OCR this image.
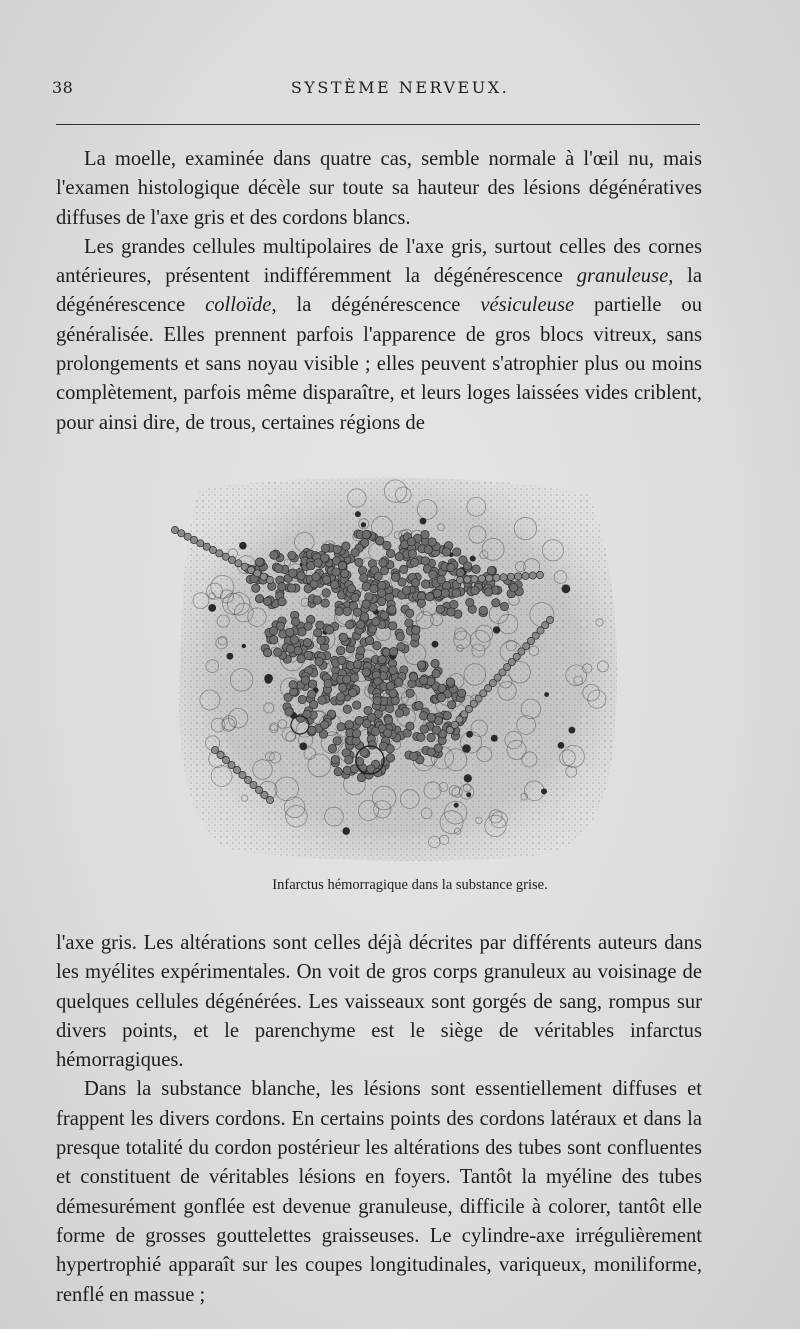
38	SYSTÈME NERVEUX.

La moelle, examinée dans quatre cas, semble normale à l'œil nu, mais l'examen histologique décèle sur toute sa hauteur des lésions dégénératives diffuses de l'axe gris et des cordons blancs.

Les grandes cellules multipolaires de l'axe gris, surtout celles des cornes antérieures, présentent indifféremment la dégénérescence granuleuse, la dégénérescence colloïde, la dégénérescence vésiculeuse partielle ou généralisée. Elles prennent parfois l'apparence de gros blocs vitreux, sans prolongements et sans noyau visible ; elles peuvent s'atrophier plus ou moins complètement, parfois même disparaître, et leurs loges laissées vides criblent, pour ainsi dire, de trous, certaines régions de

Infarctus hémorragique dans la substance grise.

l'axe gris. Les altérations sont celles déjà décrites par différents auteurs dans les myélites expérimentales. On voit de gros corps granuleux au voisinage de quelques cellules dégénérées. Les vaisseaux sont gorgés de sang, rompus sur divers points, et le parenchyme est le siège de véritables infarctus hémorragiques.

Dans la substance blanche, les lésions sont essentiellement diffuses et frappent les divers cordons. En certains points des cordons latéraux et dans la presque totalité du cordon postérieur les altérations des tubes sont confluentes et constituent de véritables lésions en foyers. Tantôt la myéline des tubes démesurément gonflée est devenue granuleuse, difficile à colorer, tantôt elle forme de grosses gouttelettes graisseuses. Le cylindre-axe irrégulièrement hypertrophié apparaît sur les coupes longitudinales, variqueux, moniliforme, renflé en massue ;
